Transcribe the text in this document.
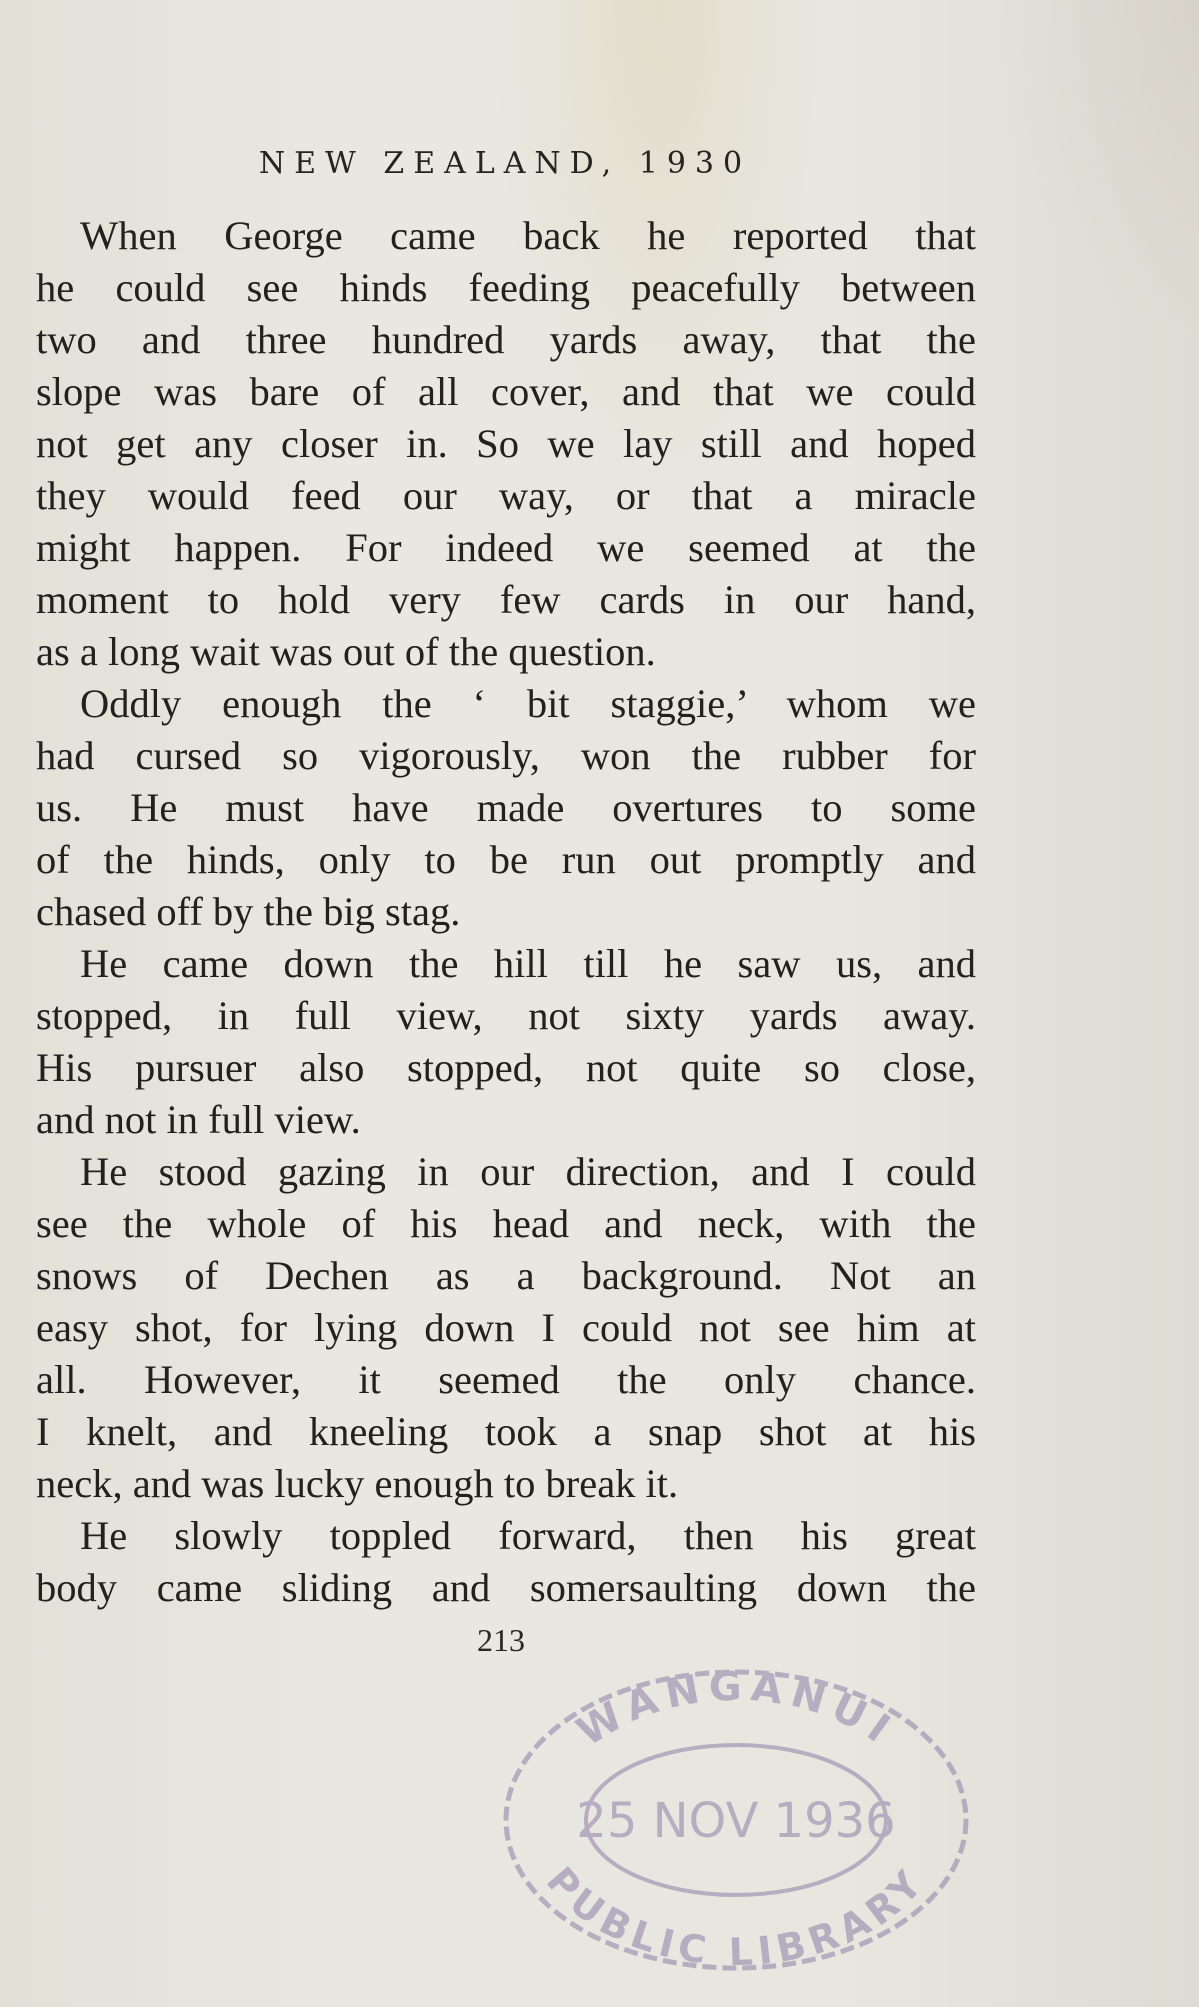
NEW ZEALAND, 1930
When George came back he reported that
he could see hinds feeding peacefully between
two and three hundred yards away, that the
slope was bare of all cover, and that we could
not get any closer in. So we lay still and hoped
they would feed our way, or that a miracle
might happen. For indeed we seemed at the
moment to hold very few cards in our hand,
as a long wait was out of the question.
Oddly enough the ‘ bit staggie,’ whom we
had cursed so vigorously, won the rubber for
us. He must have made overtures to some
of the hinds, only to be run out promptly and
chased off by the big stag.
He came down the hill till he saw us, and
stopped, in full view, not sixty yards away.
His pursuer also stopped, not quite so close,
and not in full view.
He stood gazing in our direction, and I could
see the whole of his head and neck, with the
snows of Dechen as a background. Not an
easy shot, for lying down I could not see him at
all. However, it seemed the only chance.
I knelt, and kneeling took a snap shot at his
neck, and was lucky enough to break it.
He slowly toppled forward, then his great
body came sliding and somersaulting down the
213
WANGANUI
PUBLIC LIBRARY
25 NOV 1936
